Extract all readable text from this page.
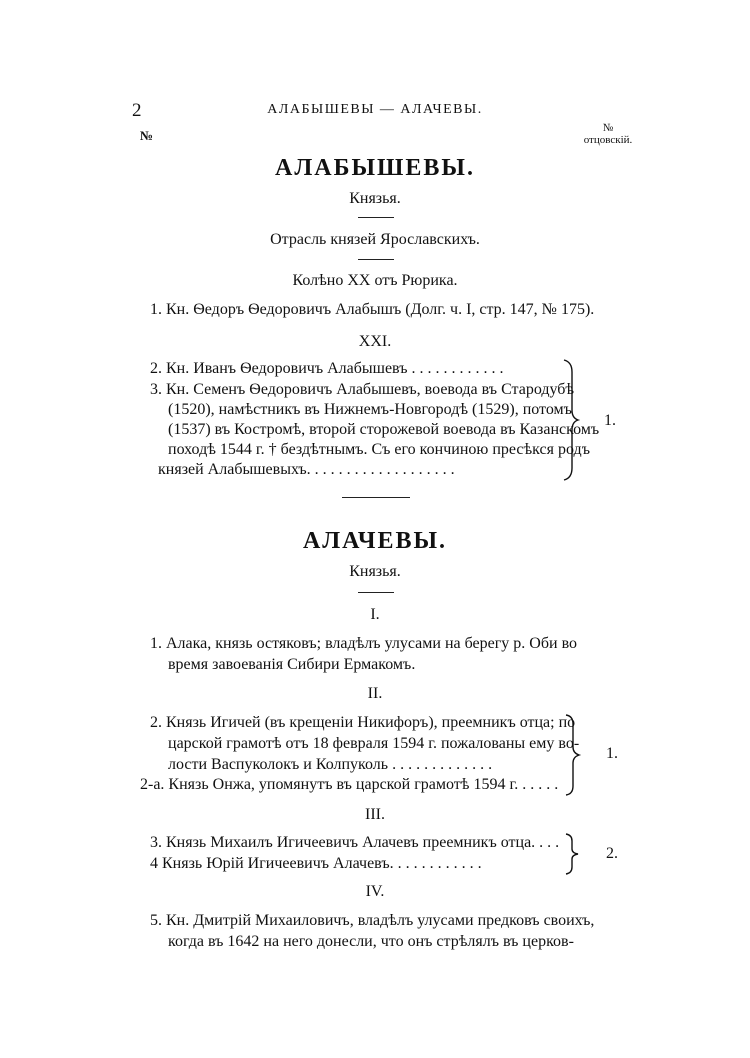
2	АЛАБЫШЕВЫ — АЛАЧЕВЫ.
№	№
отцовскій.
АЛАБЫШЕВЫ.
Князья.
Отрасль князей Ярославскихъ.
Колѣно XX отъ Рюрика.
1. Кн. Ѳедоръ Ѳедоровичъ Алабышъ (Долг. ч. I, стр. 147, № 175).
XXI.
2. Кн. Иванъ Ѳедоровичъ Алабышевъ . . . . . . . . . . . .
3. Кн. Семенъ Ѳедоровичъ Алабышевъ, воевода въ Стародубѣ
(1520), намѣстникъ въ Нижнемъ-Новгородѣ (1529), потомъ
(1537) въ Костромѣ, второй сторожевой воевода въ Казанскомъ
походѣ 1544 г. † бездѣтнымъ. Съ его кончиною пресѣкся родъ
князей Алабышевыхъ. . . . . . . . . . . . . . . . . . .
1.
АЛАЧЕВЫ.
Князья.
I.
1. Алака, князь остяковъ; владѣлъ улусами на берегу р. Оби во
время завоеванія Сибири Ермакомъ.
II.
2. Князь Игичей (въ крещеніи Никифоръ), преемникъ отца; по
царской грамотѣ отъ 18 февраля 1594 г. пожалованы ему во-
лости Васпуколокъ и Колпуколь . . . . . . . . . . . . .
2-а. Князь Онжа, упомянутъ въ царской грамотѣ 1594 г. . . . . .
1.
III.
3. Князь Михаилъ Игичеевичъ Алачевъ преемникъ отца. . . .
4 Князь Юрій Игичеевичъ Алачевъ. . . . . . . . . . . .
2.
IV.
5. Кн. Дмитрій Михаиловичъ, владѣлъ улусами предковъ своихъ,
когда въ 1642 на него донесли, что онъ стрѣлялъ въ церков-
